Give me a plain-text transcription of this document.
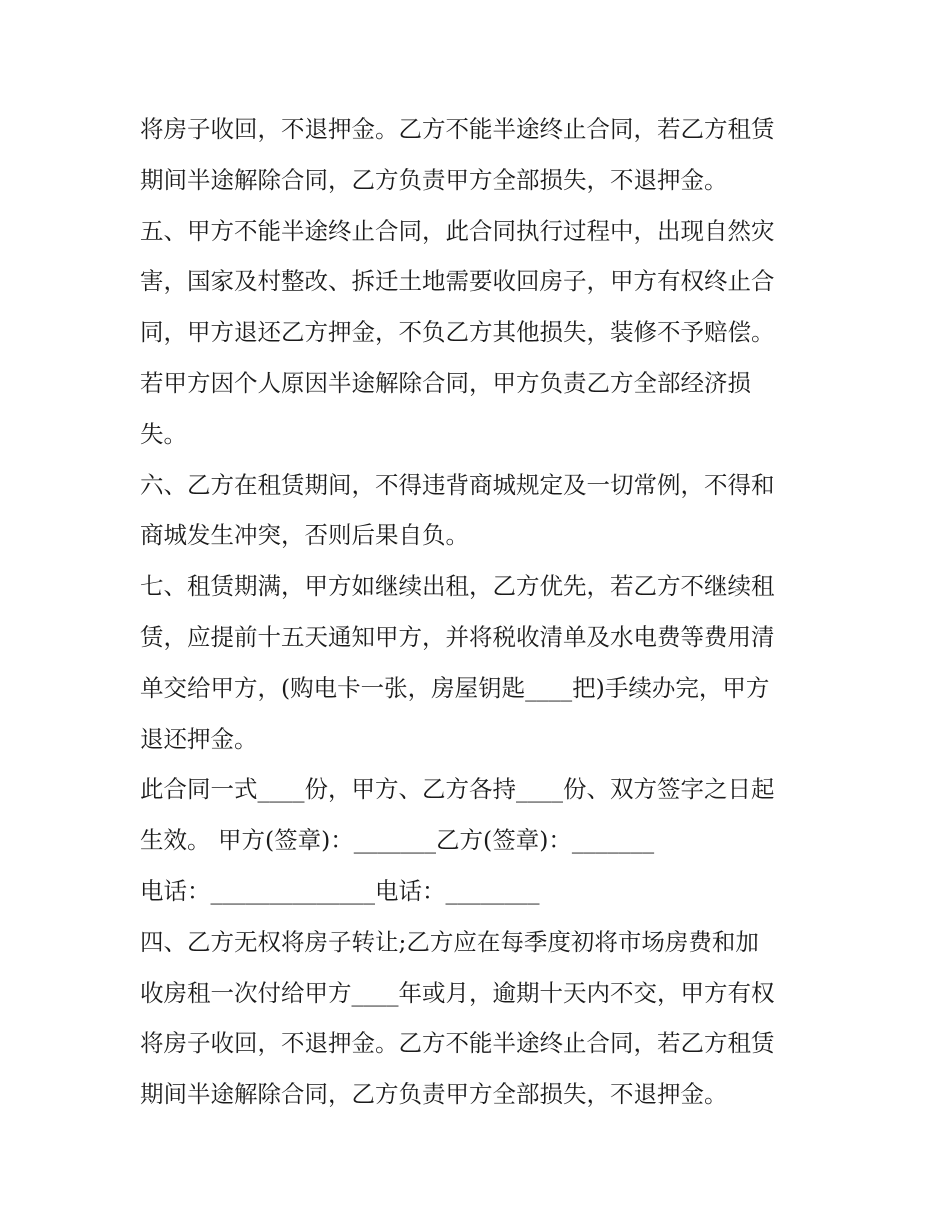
将房子收回，不退押金。乙方不能半途终止合同，若乙方租赁
期间半途解除合同，乙方负责甲方全部损失，不退押金。
五、甲方不能半途终止合同，此合同执行过程中，出现自然灾
害，国家及村整改、拆迁土地需要收回房子，甲方有权终止合
同，甲方退还乙方押金，不负乙方其他损失，装修不予赔偿。
若甲方因个人原因半途解除合同，甲方负责乙方全部经济损
失。
六、乙方在租赁期间，不得违背商城规定及一切常例，不得和
商城发生冲突，否则后果自负。
七、租赁期满，甲方如继续出租，乙方优先，若乙方不继续租
赁，应提前十五天通知甲方，并将税收清单及水电费等费用清
单交给甲方，(购电卡一张，房屋钥匙____把)手续办完，甲方
退还押金。
此合同一式____份，甲方、乙方各持____份、双方签字之日起
生效。 甲方(签章)：_______乙方(签章)：_______
电话：______________电话：________
四、乙方无权将房子转让;乙方应在每季度初将市场房费和加
收房租一次付给甲方____年或月，逾期十天内不交，甲方有权
将房子收回，不退押金。乙方不能半途终止合同，若乙方租赁
期间半途解除合同，乙方负责甲方全部损失，不退押金。
